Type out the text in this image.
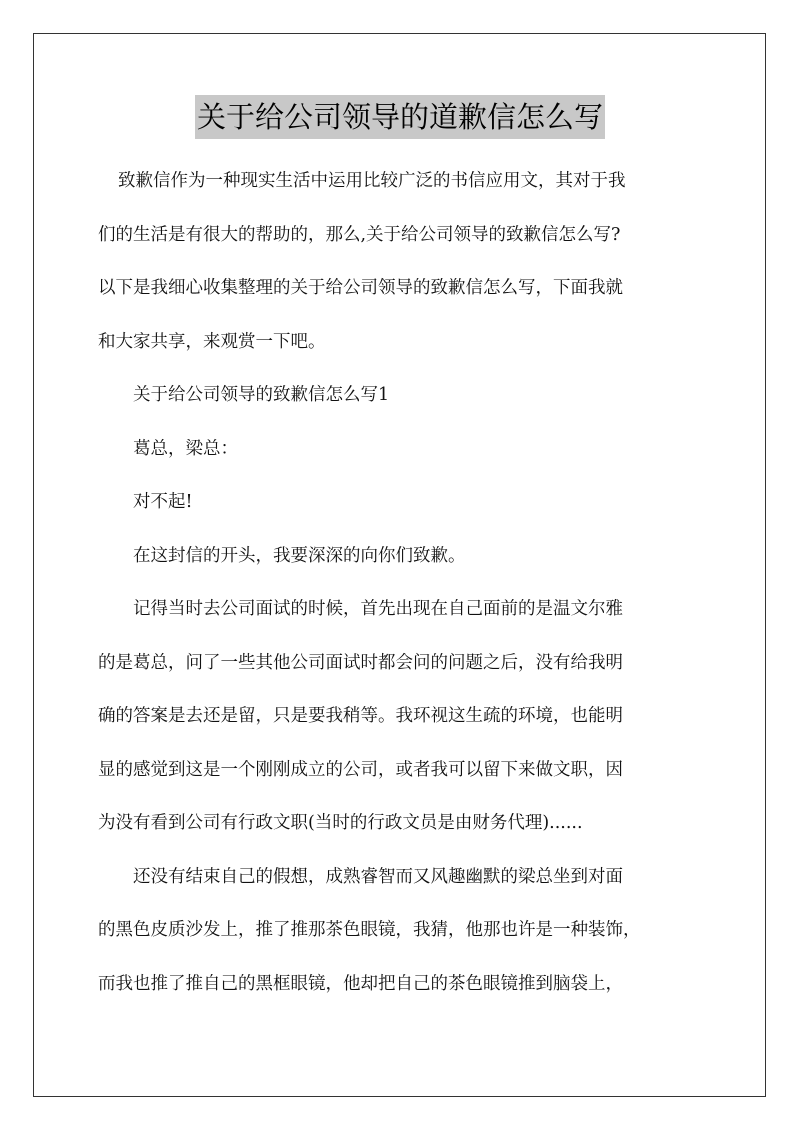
关于给公司领导的道歉信怎么写
致歉信作为一种现实生活中运用比较广泛的书信应用文，其对于我
们的生活是有很大的帮助的，那么,关于给公司领导的致歉信怎么写?
以下是我细心收集整理的关于给公司领导的致歉信怎么写，下面我就
和大家共享，来观赏一下吧。
关于给公司领导的致歉信怎么写1
葛总，梁总：
对不起!
在这封信的开头，我要深深的向你们致歉。
记得当时去公司面试的时候，首先出现在自己面前的是温文尔雅
的是葛总，问了一些其他公司面试时都会问的问题之后，没有给我明
确的答案是去还是留，只是要我稍等。我环视这生疏的环境，也能明
显的感觉到这是一个刚刚成立的公司，或者我可以留下来做文职，因
为没有看到公司有行政文职(当时的行政文员是由财务代理)......
还没有结束自己的假想，成熟睿智而又风趣幽默的梁总坐到对面
的黑色皮质沙发上，推了推那茶色眼镜，我猜，他那也许是一种装饰，
而我也推了推自己的黑框眼镜，他却把自己的茶色眼镜推到脑袋上，
